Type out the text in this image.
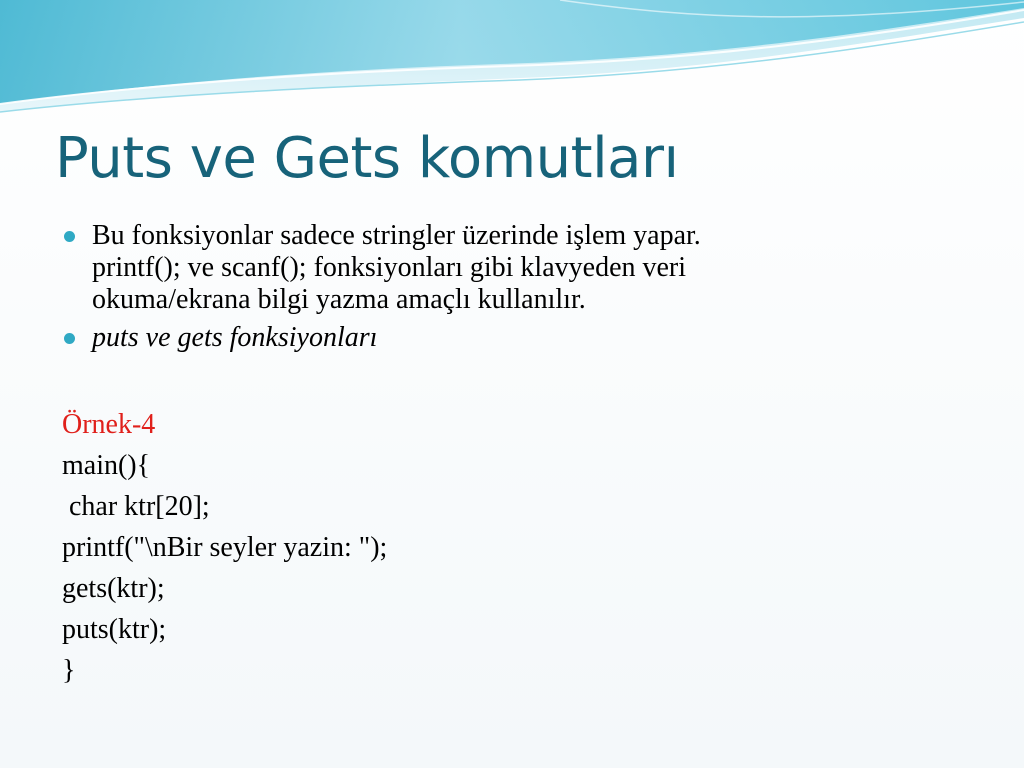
Puts ve Gets komutları

Bu fonksiyonlar sadece stringler üzerinde işlem yapar.

printf(); ve scanf(); fonksiyonları gibi klavyeden veri

okuma/ekrana bilgi yazma amaçlı kullanılır.

puts ve gets fonksiyonları

Örnek-4
main(){
char ktr[20];
printf("\nBir seyler yazin: ");
gets(ktr);
puts(ktr);
}
